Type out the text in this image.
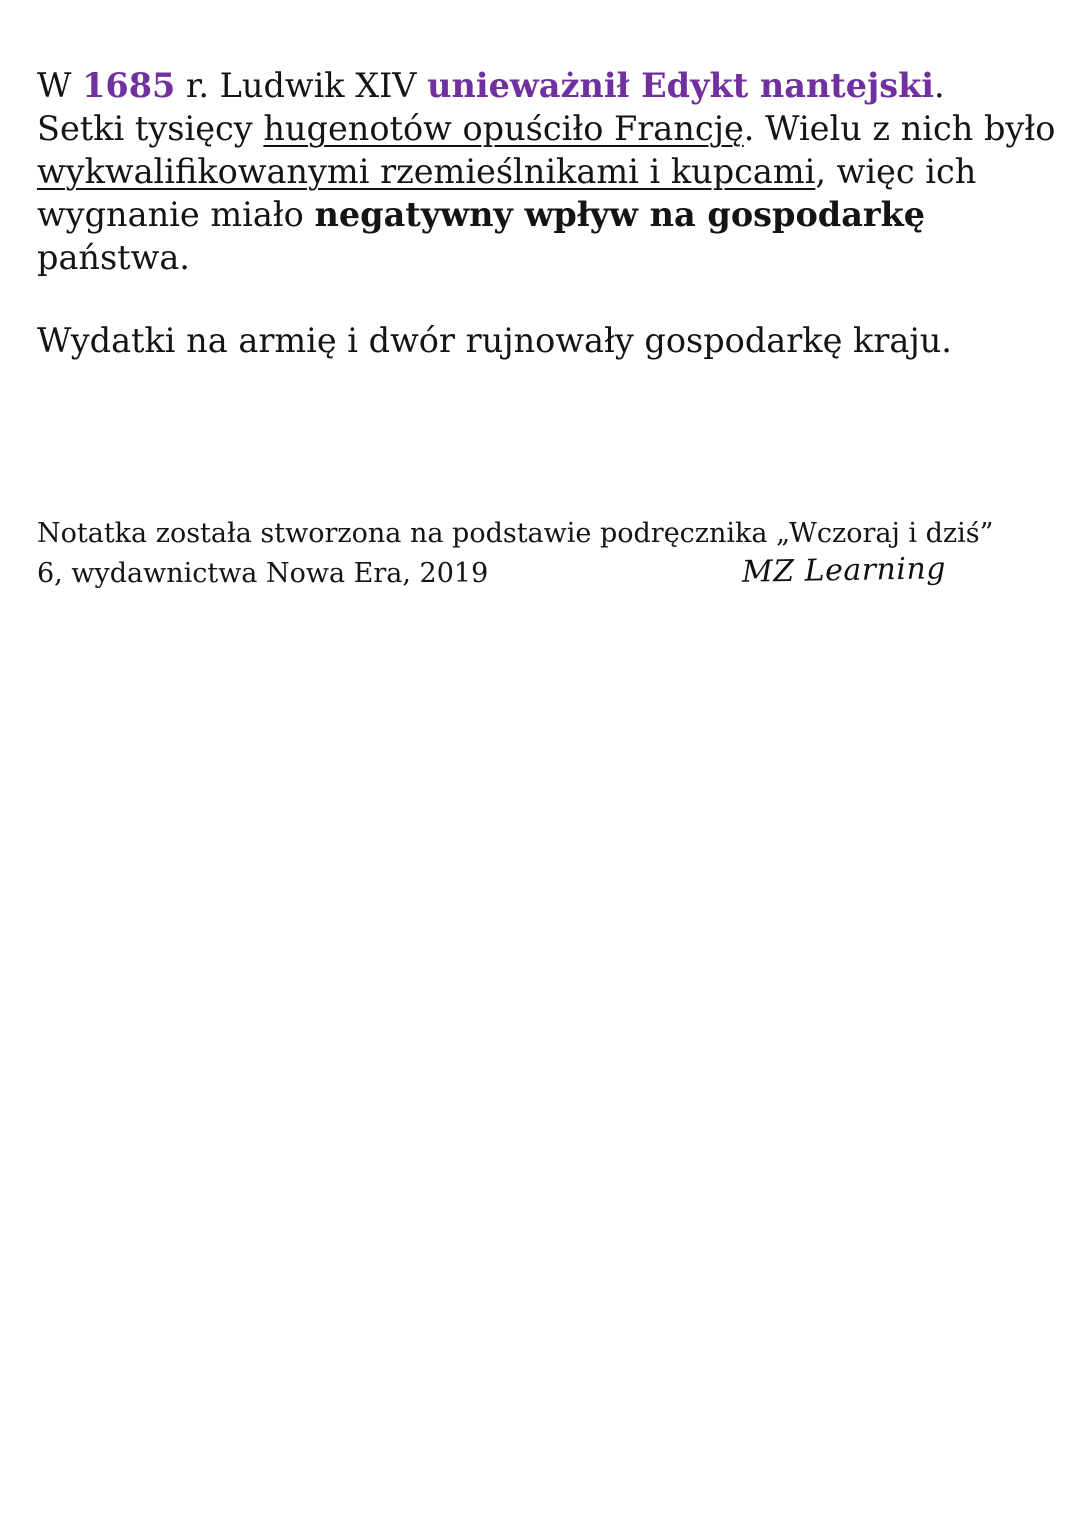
W 1685 r. Ludwik XIV unieważnił Edykt nantejski.
Setki tysięcy hugenotów opuściło Francję. Wielu z nich było wykwalifikowanymi rzemieślnikami i kupcami, więc ich wygnanie miało negatywny wpływ na gospodarkę państwa.

Wydatki na armię i dwór rujnowały gospodarkę kraju.

Notatka została stworzona na podstawie podręcznika „Wczoraj i dziś”
6, wydawnictwa Nowa Era, 2019	MZ Learning
